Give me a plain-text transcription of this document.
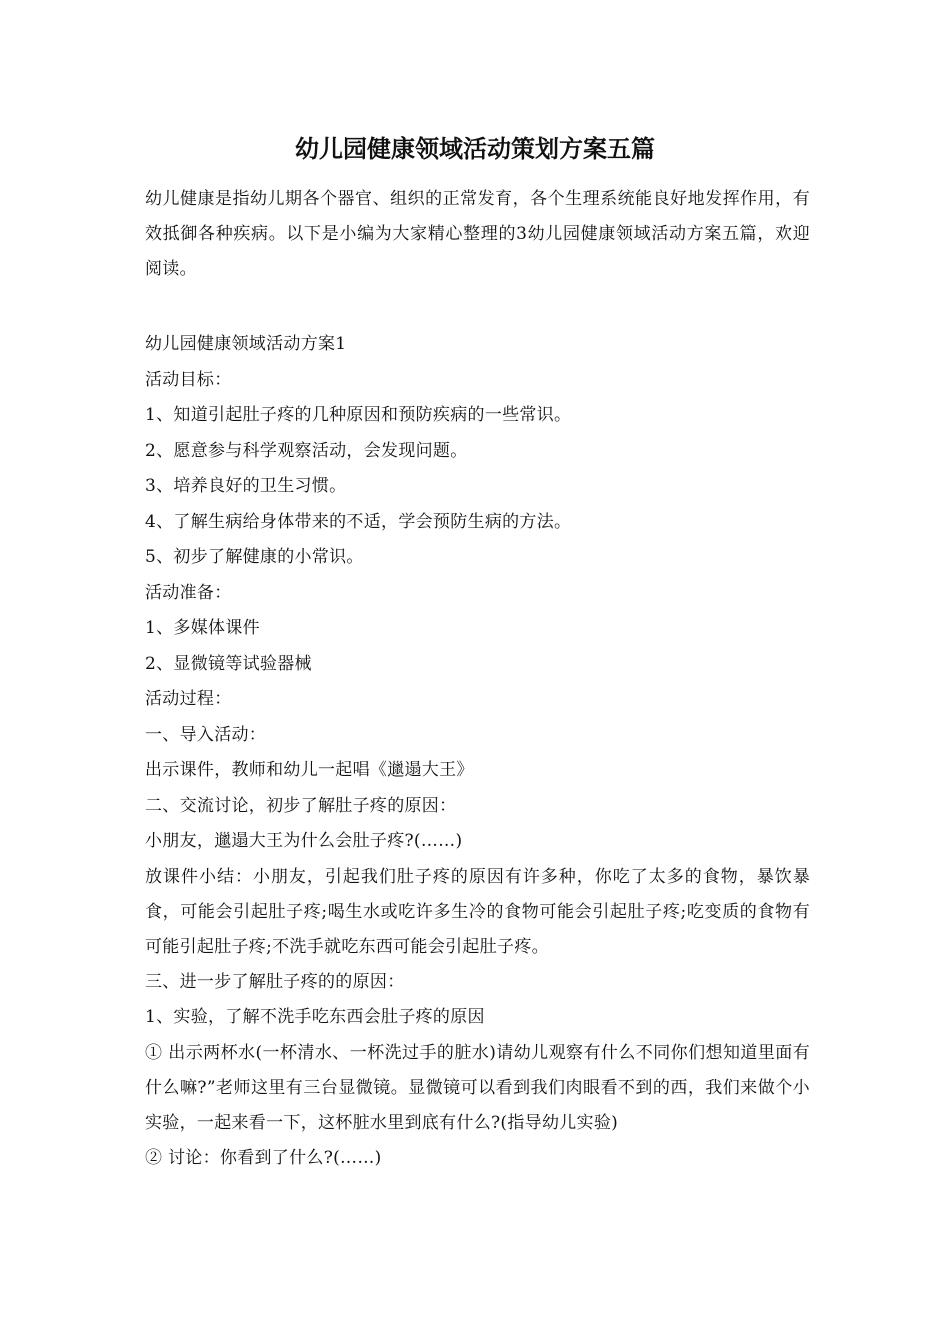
幼儿园健康领域活动策划方案五篇

幼儿健康是指幼儿期各个器官、组织的正常发育，各个生理系统能良好地发挥作用，有效抵御各种疾病。以下是小编为大家精心整理的3幼儿园健康领域活动方案五篇，欢迎阅读。

幼儿园健康领域活动方案1

活动目标：

1、知道引起肚子疼的几种原因和预防疾病的一些常识。

2、愿意参与科学观察活动，会发现问题。

3、培养良好的卫生习惯。

4、了解生病给身体带来的不适，学会预防生病的方法。

5、初步了解健康的小常识。

活动准备：

1、多媒体课件

2、显微镜等试验器械

活动过程：

一、导入活动：

出示课件，教师和幼儿一起唱《邋遢大王》

二、交流讨论，初步了解肚子疼的原因：

小朋友，邋遢大王为什么会肚子疼?(……)

放课件小结：小朋友，引起我们肚子疼的原因有许多种，你吃了太多的食物，暴饮暴食，可能会引起肚子疼;喝生水或吃许多生冷的食物可能会引起肚子疼;吃变质的食物有可能引起肚子疼;不洗手就吃东西可能会引起肚子疼。

三、进一步了解肚子疼的的原因：

1、实验，了解不洗手吃东西会肚子疼的原因

① 出示两杯水(一杯清水、一杯洗过手的脏水)请幼儿观察有什么不同你们想知道里面有什么嘛?”老师这里有三台显微镜。显微镜可以看到我们肉眼看不到的西，我们来做个小实验，一起来看一下，这杯脏水里到底有什么?(指导幼儿实验)

② 讨论：你看到了什么?(……)
